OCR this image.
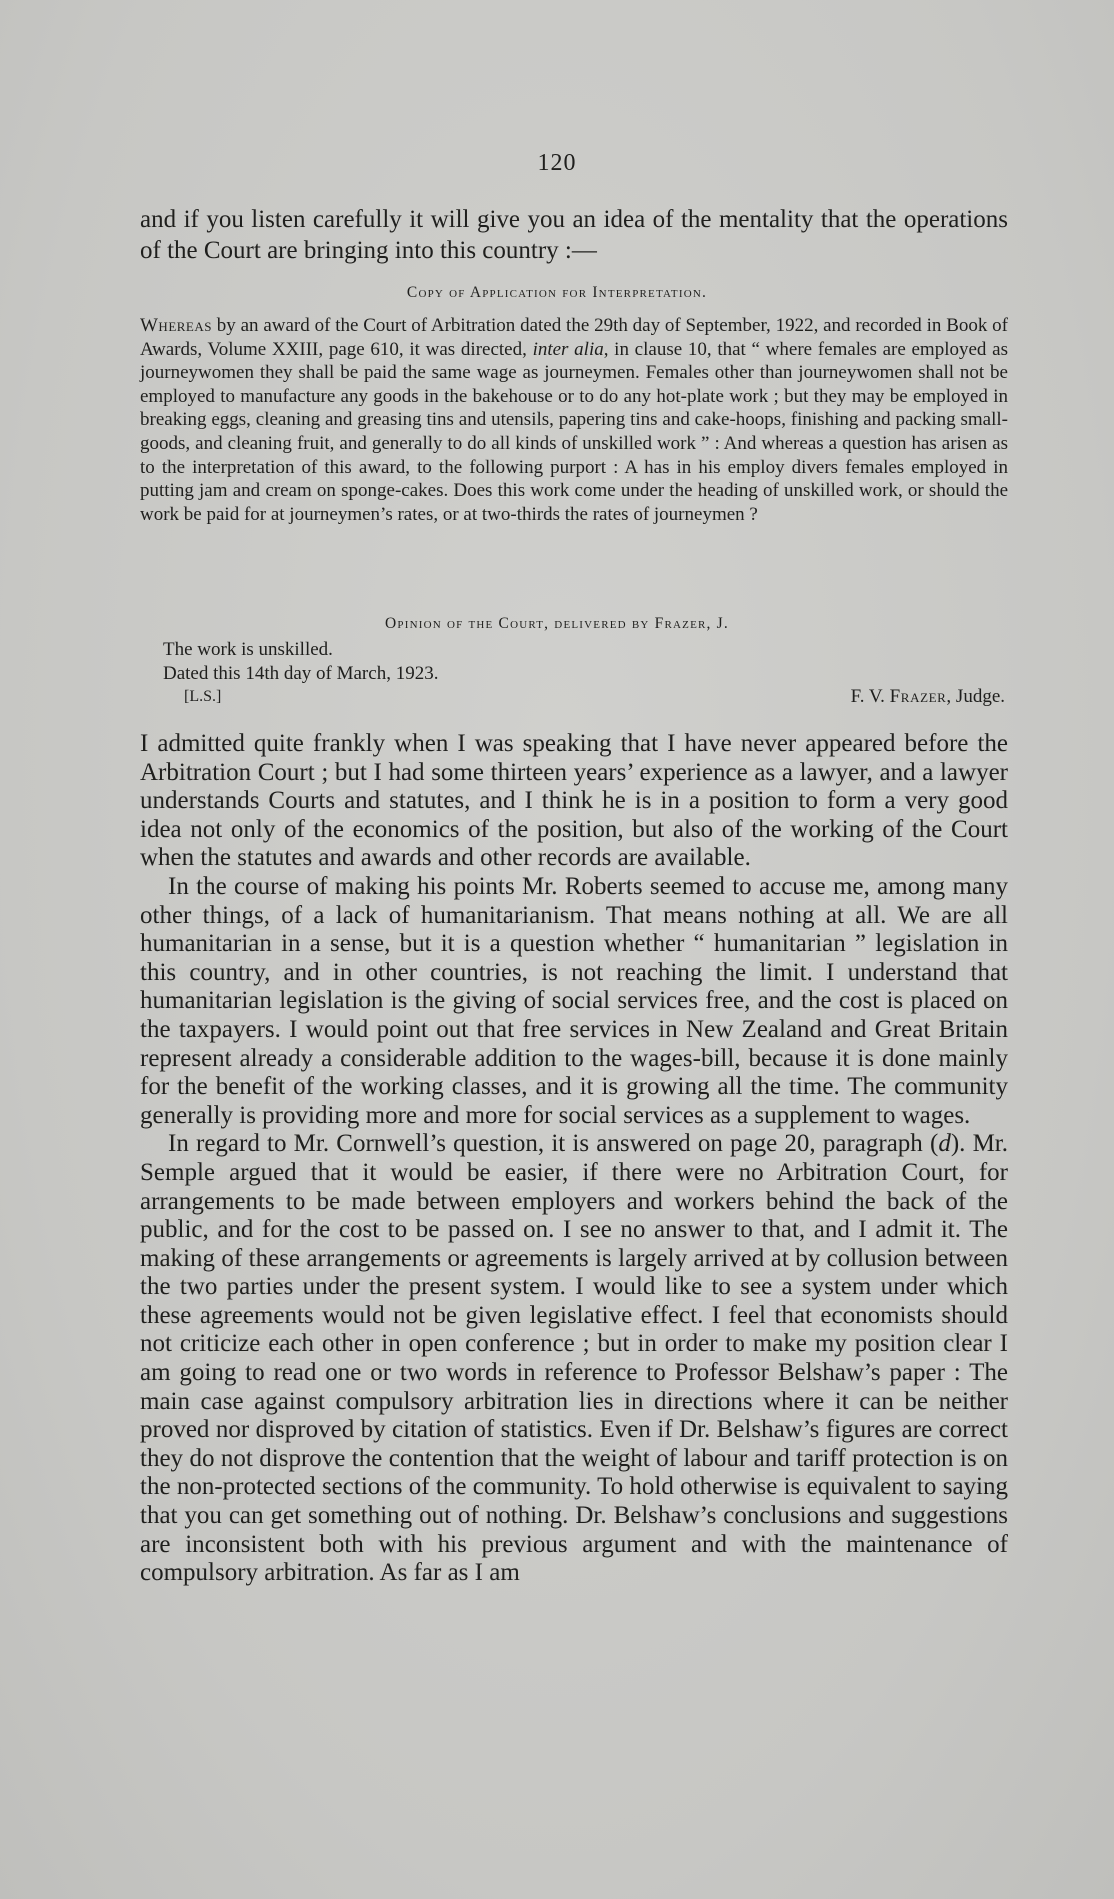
120

and if you listen carefully it will give you an idea of the mentality that the operations of the Court are bringing into this country :—

Copy of Application for Interpretation.

Whereas by an award of the Court of Arbitration dated the 29th day of September, 1922, and recorded in Book of Awards, Volume XXIII, page 610, it was directed, inter alia, in clause 10, that “ where females are employed as journeywomen they shall be paid the same wage as journeymen. Females other than journeywomen shall not be employed to manufacture any goods in the bakehouse or to do any hot-plate work ; but they may be employed in breaking eggs, cleaning and greasing tins and utensils, papering tins and cake-hoops, finishing and packing small-goods, and cleaning fruit, and generally to do all kinds of unskilled work ” : And whereas a question has arisen as to the interpretation of this award, to the following purport : A has in his employ divers females employed in putting jam and cream on sponge-cakes. Does this work come under the heading of unskilled work, or should the work be paid for at journeymen’s rates, or at two-thirds the rates of journeymen ?

Opinion of the Court, delivered by Frazer, J.
The work is unskilled.
Dated this 14th day of March, 1923.
[L.S.]	F. V. Frazer, Judge.

I admitted quite frankly when I was speaking that I have never appeared before the Arbitration Court ; but I had some thirteen years’ experience as a lawyer, and a lawyer understands Courts and statutes, and I think he is in a position to form a very good idea not only of the economics of the position, but also of the working of the Court when the statutes and awards and other records are available.

In the course of making his points Mr. Roberts seemed to accuse me, among many other things, of a lack of humanitarianism. That means nothing at all. We are all humanitarian in a sense, but it is a question whether “ humanitarian ” legislation in this country, and in other countries, is not reaching the limit. I understand that humanitarian legislation is the giving of social services free, and the cost is placed on the taxpayers. I would point out that free services in New Zealand and Great Britain represent already a considerable addition to the wages-bill, because it is done mainly for the benefit of the working classes, and it is growing all the time. The community generally is providing more and more for social services as a supplement to wages.

In regard to Mr. Cornwell’s question, it is answered on page 20, paragraph (d). Mr. Semple argued that it would be easier, if there were no Arbitration Court, for arrangements to be made between employers and workers behind the back of the public, and for the cost to be passed on. I see no answer to that, and I admit it. The making of these arrangements or agreements is largely arrived at by collusion between the two parties under the present system. I would like to see a system under which these agreements would not be given legislative effect. I feel that economists should not criticize each other in open conference ; but in order to make my position clear I am going to read one or two words in reference to Professor Belshaw’s paper : The main case against compulsory arbitration lies in directions where it can be neither proved nor disproved by citation of statistics. Even if Dr. Belshaw’s figures are correct they do not disprove the contention that the weight of labour and tariff protection is on the non-protected sections of the community. To hold otherwise is equivalent to saying that you can get something out of nothing. Dr. Belshaw’s conclusions and suggestions are inconsistent both with his previous argument and with the maintenance of compulsory arbitration. As far as I am
